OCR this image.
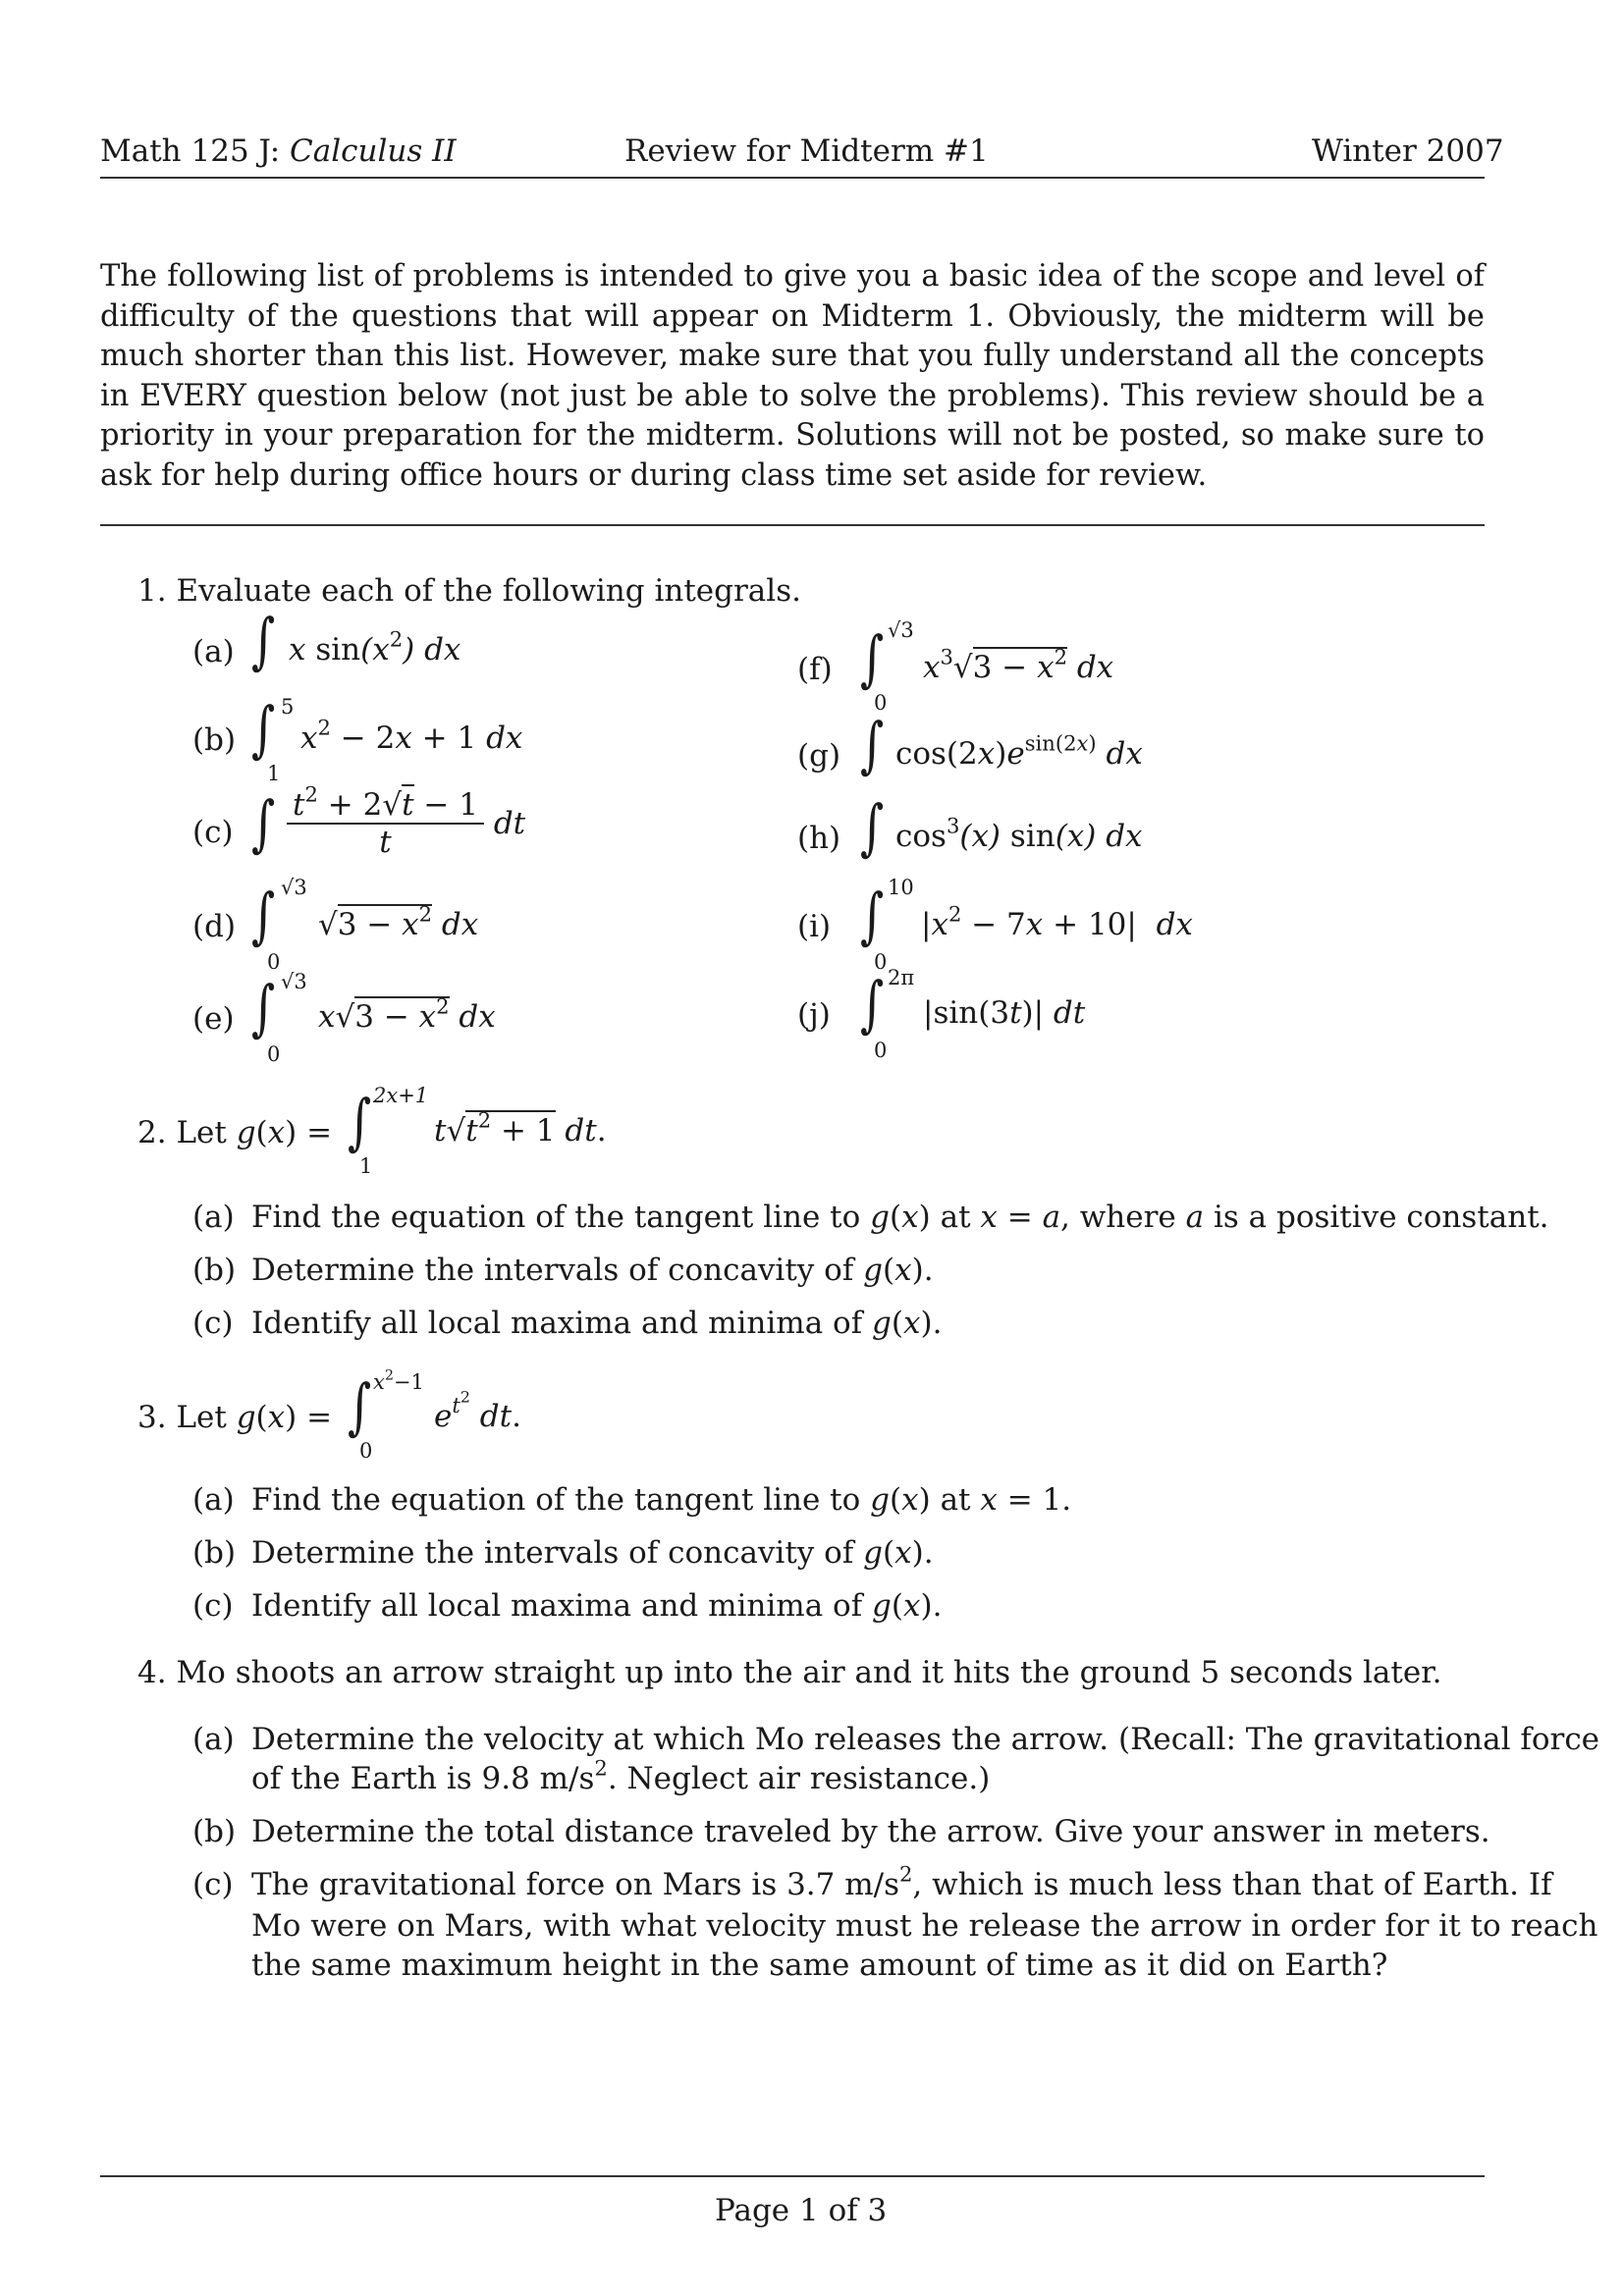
Math 125 J: Calculus II	Review for Midterm #1	Winter 2007
The following list of problems is intended to give you a basic idea of the scope and level of difficulty of the questions that will appear on Midterm 1. Obviously, the midterm will be much shorter than this list. However, make sure that you fully understand all the concepts in EVERY question below (not just be able to solve the problems). This review should be a priority in your preparation for the midterm. Solutions will not be posted, so make sure to ask for help during office hours or during class time set aside for review.
1. Evaluate each of the following integrals.
(a) ∫ x $\sin(x^2)$ dx
(b) ∫ 5
1
$x^2 - 2x + 1$ dx
(c) ∫ $\frac{t^2 + 2√t - 1}{t}$ dt
(d) ∫ √3
0
$√3 - x^2$ dx
(e) ∫ √3
0
$x√3 - x^2$ dx
(f) ∫ √3
0
$x^3√3 - x^2$ dx
(g) ∫ $\cos(2x)e^{sin(2x)}$ dx
(h) ∫ $\cos^3(x)$ sin(x) dx
(i) ∫ 10
0
$|x^2 - 7x + 10|$  dx
(j) ∫ 2π
0
|sin(3t)| dt
2. Let g(x) = ∫ 2x+1
1
$t√t^2 + 1$ dt.
(a) Find the equation of the tangent line to g(x) at x = a, where a is a positive constant.
(b) Determine the intervals of concavity of g(x).
(c) Identify all local maxima and minima of g(x).
3. Let g(x) = ∫ $x^2-1$
0
$e^{t^2}$ dt.
(a) Find the equation of the tangent line to g(x) at x = 1.
(b) Determine the intervals of concavity of g(x).
(c) Identify all local maxima and minima of g(x).
4. Mo shoots an arrow straight up into the air and it hits the ground 5 seconds later.
(a) Determine the velocity at which Mo releases the arrow. (Recall: The gravitational force
of the Earth is 9.8 $m/s^2$. Neglect air resistance.)
(b) Determine the total distance traveled by the arrow. Give your answer in meters.
(c) The gravitational force on Mars is 3.7 $m/s^2$, which is much less than that of Earth. If
Mo were on Mars, with what velocity must he release the arrow in order for it to reach
the same maximum height in the same amount of time as it did on Earth?
Page 1 of 3
